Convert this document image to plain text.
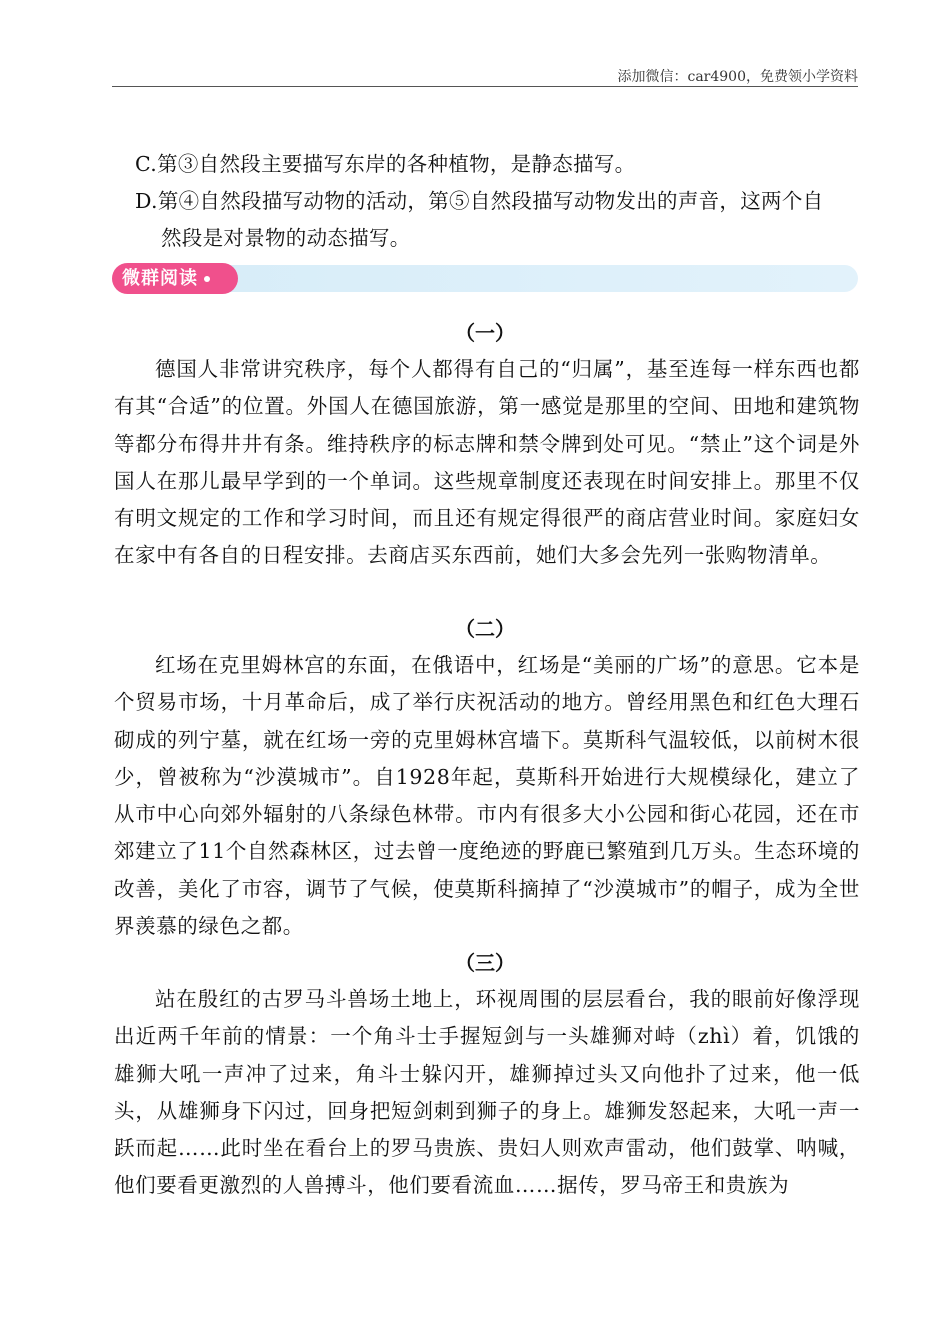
添加微信：car4900，免费领小学资料
C.第③自然段主要描写东岸的各种植物，是静态描写。
D.第④自然段描写动物的活动，第⑤自然段描写动物发出的声音，这两个自
然段是对景物的动态描写。
微群阅读
（一）
德国人非常讲究秩序，每个人都得有自己的“归属”，基至连每一样东西也都有其“合适”的位置。外国人在德国旅游，第一感觉是那里的空间、田地和建筑物等都分布得井井有条。维持秩序的标志牌和禁令牌到处可见。“禁止”这个词是外国人在那儿最早学到的一个单词。这些规章制度还表现在时间安排上。那里不仅有明文规定的工作和学习时间，而且还有规定得很严的商店营业时间。家庭妇女在家中有各自的日程安排。去商店买东西前，她们大多会先列一张购物清单。
（二）
红场在克里姆林宫的东面，在俄语中，红场是“美丽的广场”的意思。它本是个贸易市场，十月革命后，成了举行庆祝活动的地方。曾经用黑色和红色大理石砌成的列宁墓，就在红场一旁的克里姆林宫墙下。莫斯科气温较低，以前树木很少，曾被称为“沙漠城市”。自1928年起，莫斯科开始进行大规模绿化，建立了从市中心向郊外辐射的八条绿色林带。市内有很多大小公园和街心花园，还在市郊建立了11个自然森林区，过去曾一度绝迹的野鹿已繁殖到几万头。生态环境的改善，美化了市容，调节了气候，使莫斯科摘掉了“沙漠城市”的帽子，成为全世界羡慕的绿色之都。
（三）
站在殷红的古罗马斗兽场土地上，环视周围的层层看台，我的眼前好像浮现出近两千年前的情景：一个角斗士手握短剑与一头雄狮对峙（zhì）着，饥饿的雄狮大吼一声冲了过来，角斗士躲闪开，雄狮掉过头又向他扑了过来，他一低头，从雄狮身下闪过，回身把短剑刺到狮子的身上。雄狮发怒起来，大吼一声一跃而起……此时坐在看台上的罗马贵族、贵妇人则欢声雷动，他们鼓掌、呐喊，他们要看更激烈的人兽搏斗，他们要看流血……据传，罗马帝王和贵族为
